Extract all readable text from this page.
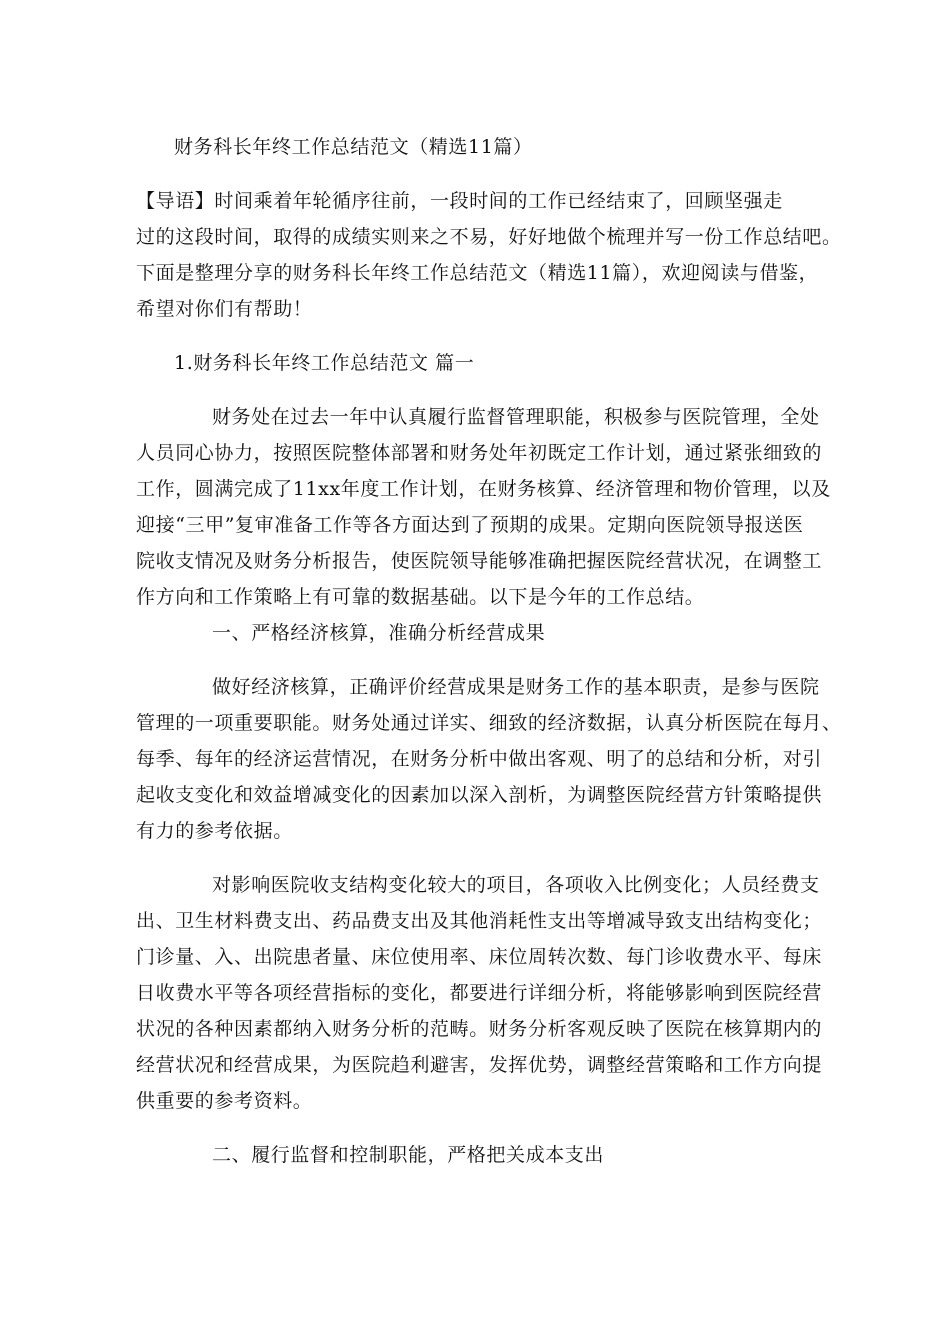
财务科长年终工作总结范文（精选11篇）
【导语】时间乘着年轮循序往前，一段时间的工作已经结束了，回顾坚强走
过的这段时间，取得的成绩实则来之不易，好好地做个梳理并写一份工作总结吧。
下面是整理分享的财务科长年终工作总结范文（精选11篇），欢迎阅读与借鉴，
希望对你们有帮助！
1.财务科长年终工作总结范文 篇一
财务处在过去一年中认真履行监督管理职能，积极参与医院管理，全处
人员同心协力，按照医院整体部署和财务处年初既定工作计划，通过紧张细致的
工作，圆满完成了11xx年度工作计划，在财务核算、经济管理和物价管理，以及
迎接“三甲”复审准备工作等各方面达到了预期的成果。定期向医院领导报送医
院收支情况及财务分析报告，使医院领导能够准确把握医院经营状况，在调整工
作方向和工作策略上有可靠的数据基础。以下是今年的工作总结。
一、严格经济核算，准确分析经营成果
做好经济核算，正确评价经营成果是财务工作的基本职责，是参与医院
管理的一项重要职能。财务处通过详实、细致的经济数据，认真分析医院在每月、
每季、每年的经济运营情况，在财务分析中做出客观、明了的总结和分析，对引
起收支变化和效益增减变化的因素加以深入剖析，为调整医院经营方针策略提供
有力的参考依据。
对影响医院收支结构变化较大的项目，各项收入比例变化；人员经费支
出、卫生材料费支出、药品费支出及其他消耗性支出等增减导致支出结构变化；
门诊量、入、出院患者量、床位使用率、床位周转次数、每门诊收费水平、每床
日收费水平等各项经营指标的变化，都要进行详细分析，将能够影响到医院经营
状况的各种因素都纳入财务分析的范畴。财务分析客观反映了医院在核算期内的
经营状况和经营成果，为医院趋利避害，发挥优势，调整经营策略和工作方向提
供重要的参考资料。
二、履行监督和控制职能，严格把关成本支出
